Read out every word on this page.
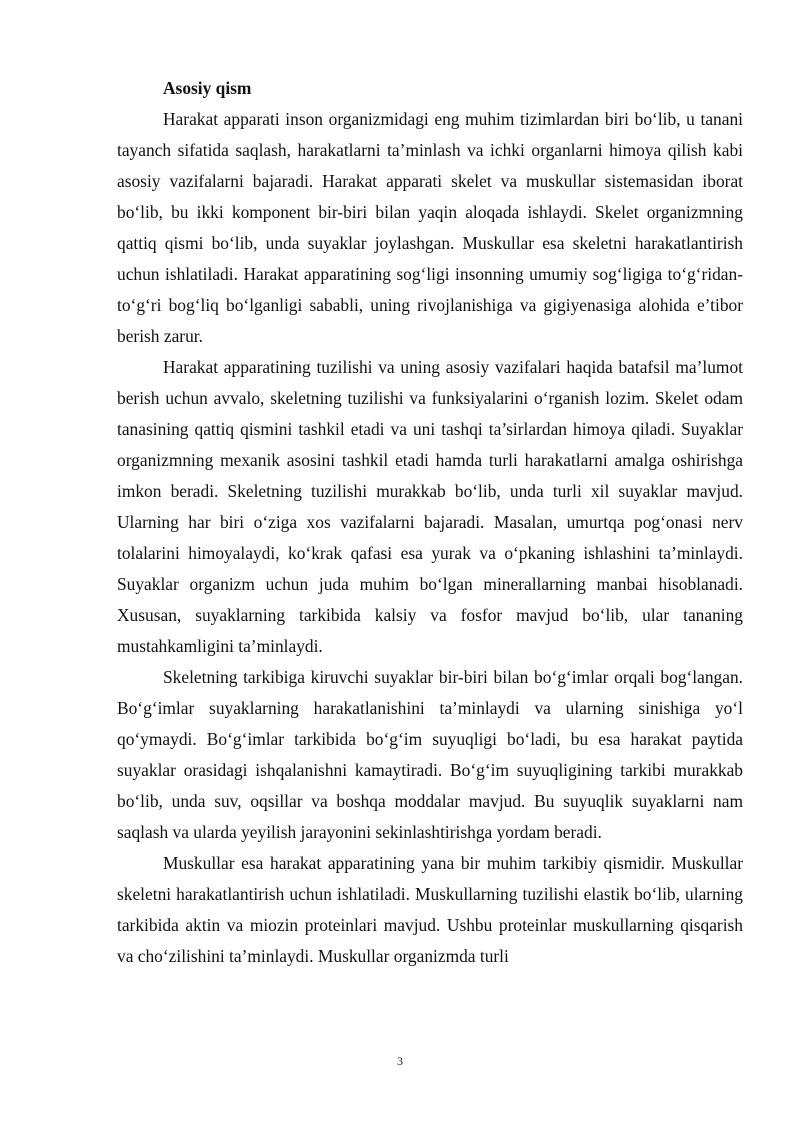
Asosiy qism

Harakat apparati inson organizmidagi eng muhim tizimlardan biri bo‘lib, u tanani tayanch sifatida saqlash, harakatlarni ta’minlash va ichki organlarni himoya qilish kabi asosiy vazifalarni bajaradi. Harakat apparati skelet va muskullar sistemasidan iborat bo‘lib, bu ikki komponent bir-biri bilan yaqin aloqada ishlaydi. Skelet organizmning qattiq qismi bo‘lib, unda suyaklar joylashgan. Muskullar esa skeletni harakatlantirish uchun ishlatiladi. Harakat apparatining sog‘ligi insonning umumiy sog‘ligiga to‘g‘ridan-to‘g‘ri bog‘liq bo‘lganligi sababli, uning rivojlanishiga va gigiyenasiga alohida e’tibor berish zarur.

Harakat apparatining tuzilishi va uning asosiy vazifalari haqida batafsil ma’lumot berish uchun avvalo, skeletning tuzilishi va funksiyalarini o‘rganish lozim. Skelet odam tanasining qattiq qismini tashkil etadi va uni tashqi ta’sirlardan himoya qiladi. Suyaklar organizmning mexanik asosini tashkil etadi hamda turli harakatlarni amalga oshirishga imkon beradi. Skeletning tuzilishi murakkab bo‘lib, unda turli xil suyaklar mavjud. Ularning har biri o‘ziga xos vazifalarni bajaradi. Masalan, umurtqa pog‘onasi nerv tolalarini himoyalaydi, ko‘krak qafasi esa yurak va o‘pkaning ishlashini ta’minlaydi. Suyaklar organizm uchun juda muhim bo‘lgan minerallarning manbai hisoblanadi. Xususan, suyaklarning tarkibida kalsiy va fosfor mavjud bo‘lib, ular tananing mustahkamligini ta’minlaydi.

Skeletning tarkibiga kiruvchi suyaklar bir-biri bilan bo‘g‘imlar orqali bog‘langan. Bo‘g‘imlar suyaklarning harakatlanishini ta’minlaydi va ularning sinishiga yo‘l qo‘ymaydi. Bo‘g‘imlar tarkibida bo‘g‘im suyuqligi bo‘ladi, bu esa harakat paytida suyaklar orasidagi ishqalanishni kamaytiradi. Bo‘g‘im suyuqligining tarkibi murakkab bo‘lib, unda suv, oqsillar va boshqa moddalar mavjud. Bu suyuqlik suyaklarni nam saqlash va ularda yeyilish jarayonini sekinlashtirishga yordam beradi.

Muskullar esa harakat apparatining yana bir muhim tarkibiy qismidir. Muskullar skeletni harakatlantirish uchun ishlatiladi. Muskullarning tuzilishi elastik bo‘lib, ularning tarkibida aktin va miozin proteinlari mavjud. Ushbu proteinlar muskullarning qisqarish va cho‘zilishini ta’minlaydi. Muskullar organizmda turli

3
